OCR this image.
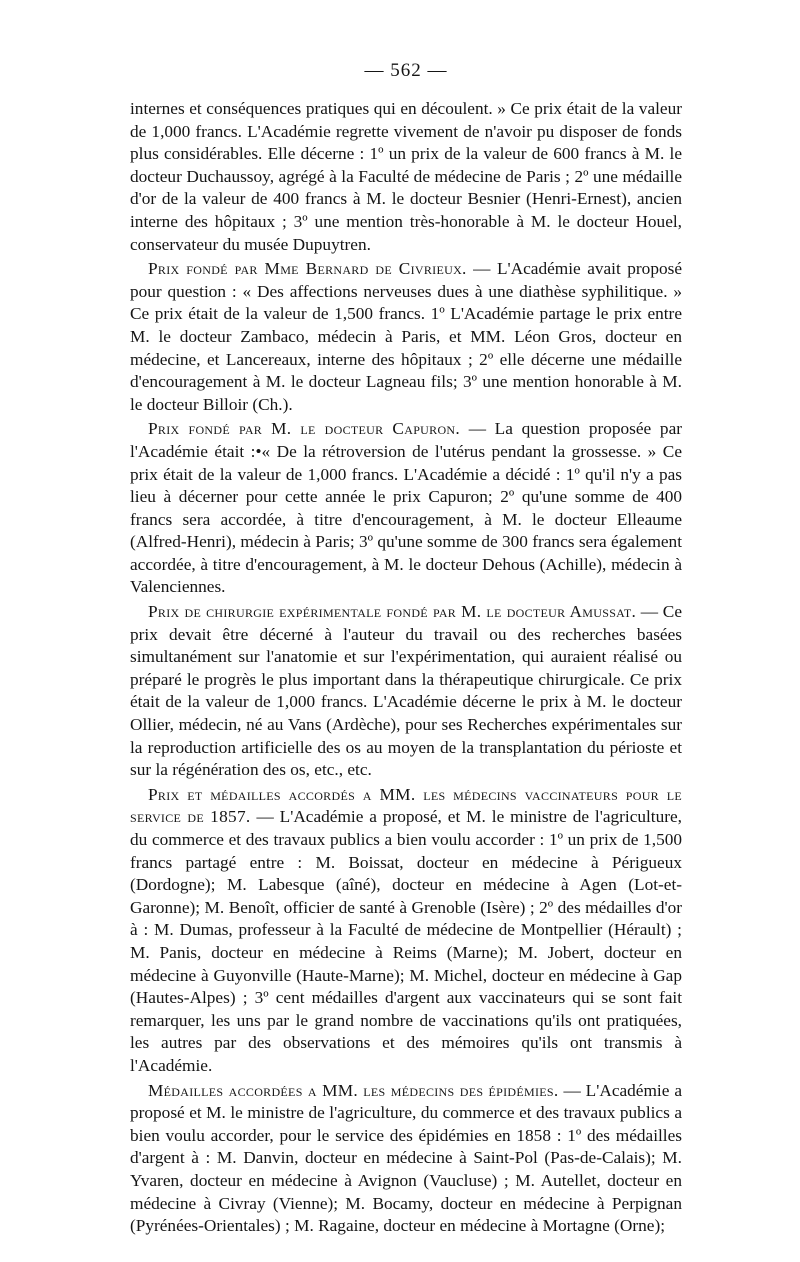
— 562 —

internes et conséquences pratiques qui en découlent. » Ce prix était de la valeur de 1,000 francs. L'Académie regrette vivement de n'avoir pu disposer de fonds plus considérables. Elle décerne : 1º un prix de la valeur de 600 francs à M. le docteur Duchaussoy, agrégé à la Faculté de médecine de Paris ; 2º une médaille d'or de la valeur de 400 francs à M. le docteur Besnier (Henri-Ernest), ancien interne des hôpitaux ; 3º une mention très-honorable à M. le docteur Houel, conservateur du musée Dupuytren.

Prix fondé par Mme Bernard de Civrieux. — L'Académie avait proposé pour question : « Des affections nerveuses dues à une diathèse syphilitique. » Ce prix était de la valeur de 1,500 francs. 1º L'Académie partage le prix entre M. le docteur Zambaco, médecin à Paris, et MM. Léon Gros, docteur en médecine, et Lancereaux, interne des hôpitaux ; 2º elle décerne une médaille d'encouragement à M. le docteur Lagneau fils; 3º une mention honorable à M. le docteur Billoir (Ch.).

Prix fondé par M. le docteur Capuron. — La question proposée par l'Académie était :•« De la rétroversion de l'utérus pendant la grossesse. » Ce prix était de la valeur de 1,000 francs. L'Académie a décidé : 1º qu'il n'y a pas lieu à décerner pour cette année le prix Capuron; 2º qu'une somme de 400 francs sera accordée, à titre d'encouragement, à M. le docteur Elleaume (Alfred-Henri), médecin à Paris; 3º qu'une somme de 300 francs sera également accordée, à titre d'encouragement, à M. le docteur Dehous (Achille), médecin à Valenciennes.

Prix de chirurgie expérimentale fondé par M. le docteur Amussat. — Ce prix devait être décerné à l'auteur du travail ou des recherches basées simultanément sur l'anatomie et sur l'expérimentation, qui auraient réalisé ou préparé le progrès le plus important dans la thérapeutique chirurgicale. Ce prix était de la valeur de 1,000 francs. L'Académie décerne le prix à M. le docteur Ollier, médecin, né au Vans (Ardèche), pour ses Recherches expérimentales sur la reproduction artificielle des os au moyen de la transplantation du périoste et sur la régénération des os, etc., etc.

Prix et médailles accordés a MM. les médecins vaccinateurs pour le service de 1857. — L'Académie a proposé, et M. le ministre de l'agriculture, du commerce et des travaux publics a bien voulu accorder : 1º un prix de 1,500 francs partagé entre : M. Boissat, docteur en médecine à Périgueux (Dordogne); M. Labesque (aîné), docteur en médecine à Agen (Lot-et-Garonne); M. Benoît, officier de santé à Grenoble (Isère) ; 2º des médailles d'or à : M. Dumas, professeur à la Faculté de médecine de Montpellier (Hérault) ; M. Panis, docteur en médecine à Reims (Marne); M. Jobert, docteur en médecine à Guyonville (Haute-Marne); M. Michel, docteur en médecine à Gap (Hautes-Alpes) ; 3º cent médailles d'argent aux vaccinateurs qui se sont fait remarquer, les uns par le grand nombre de vaccinations qu'ils ont pratiquées, les autres par des observations et des mémoires qu'ils ont transmis à l'Académie.

Médailles accordées a MM. les médecins des épidémies. — L'Académie a proposé et M. le ministre de l'agriculture, du commerce et des travaux publics a bien voulu accorder, pour le service des épidémies en 1858 : 1º des médailles d'argent à : M. Danvin, docteur en médecine à Saint-Pol (Pas-de-Calais); M. Yvaren, docteur en médecine à Avignon (Vaucluse) ; M. Autellet, docteur en médecine à Civray (Vienne); M. Bocamy, docteur en médecine à Perpignan (Pyrénées-Orientales) ; M. Ragaine, docteur en médecine à Mortagne (Orne);
